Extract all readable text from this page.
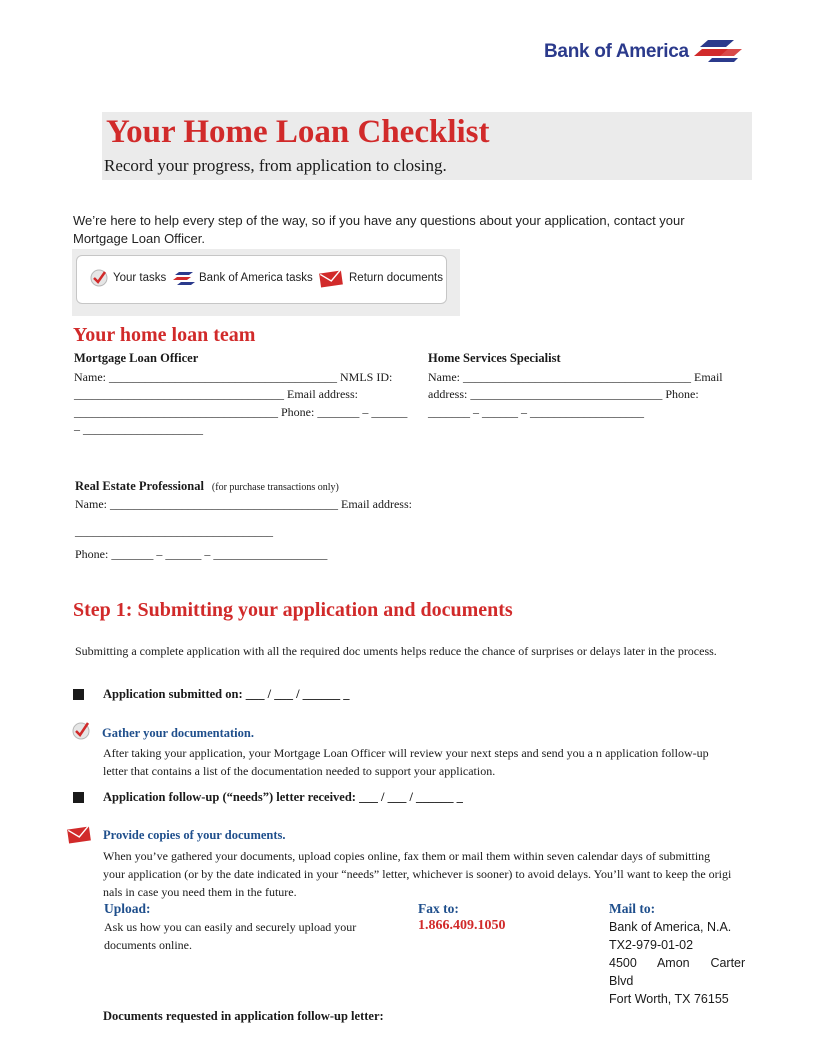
Bank of America
Your Home Loan Checklist
Record your progress, from application to closing.
We’re here to help every step of the way, so if you have any questions about your application, contact your Mortgage Loan Officer.
Your tasks	Bank of America tasks	Return documents
Your home loan team
Mortgage Loan Officer
Name: ______________________________________ NMLS ID:
___________________________________ Email address:
__________________________________ Phone: _______ – ______
– ____________________
Home Services Specialist
Name: ______________________________________ Email
address: ________________________________ Phone:
_______ – ______ – ___________________
Real Estate Professional (for purchase transactions only)
Name: ______________________________________ Email address:
_________________________________
Phone: _______ – ______ – ___________________
Step 1: Submitting your application and documents
Submitting a complete application with all the required doc uments helps reduce the chance of surprises or delays later in the process.
Application submitted on: ___ / ___ / ______ _
Gather your documentation.
After taking your application, your Mortgage Loan Officer will review your next steps and send you a n application follow-up letter that contains a list of the documentation needed to support your application.
Application follow-up (“needs”) letter received: ___ / ___ / ______ _
Provide copies of your documents.
When you’ve gathered your documents, upload copies online, fax them or mail them within seven calendar days of submitting your application (or by the date indicated in your “needs” letter, whichever is sooner) to avoid delays. You’ll want to keep the origi nals in case you need them in the future.
Upload:
Ask us how you can easily and securely upload your documents online.
Fax to:
1.866.409.1050
Mail to:
Bank of America, N.A.
TX2-979-01-02
4500      Amon      Carter
Blvd
Fort Worth, TX 76155
Documents requested in application follow-up letter:
